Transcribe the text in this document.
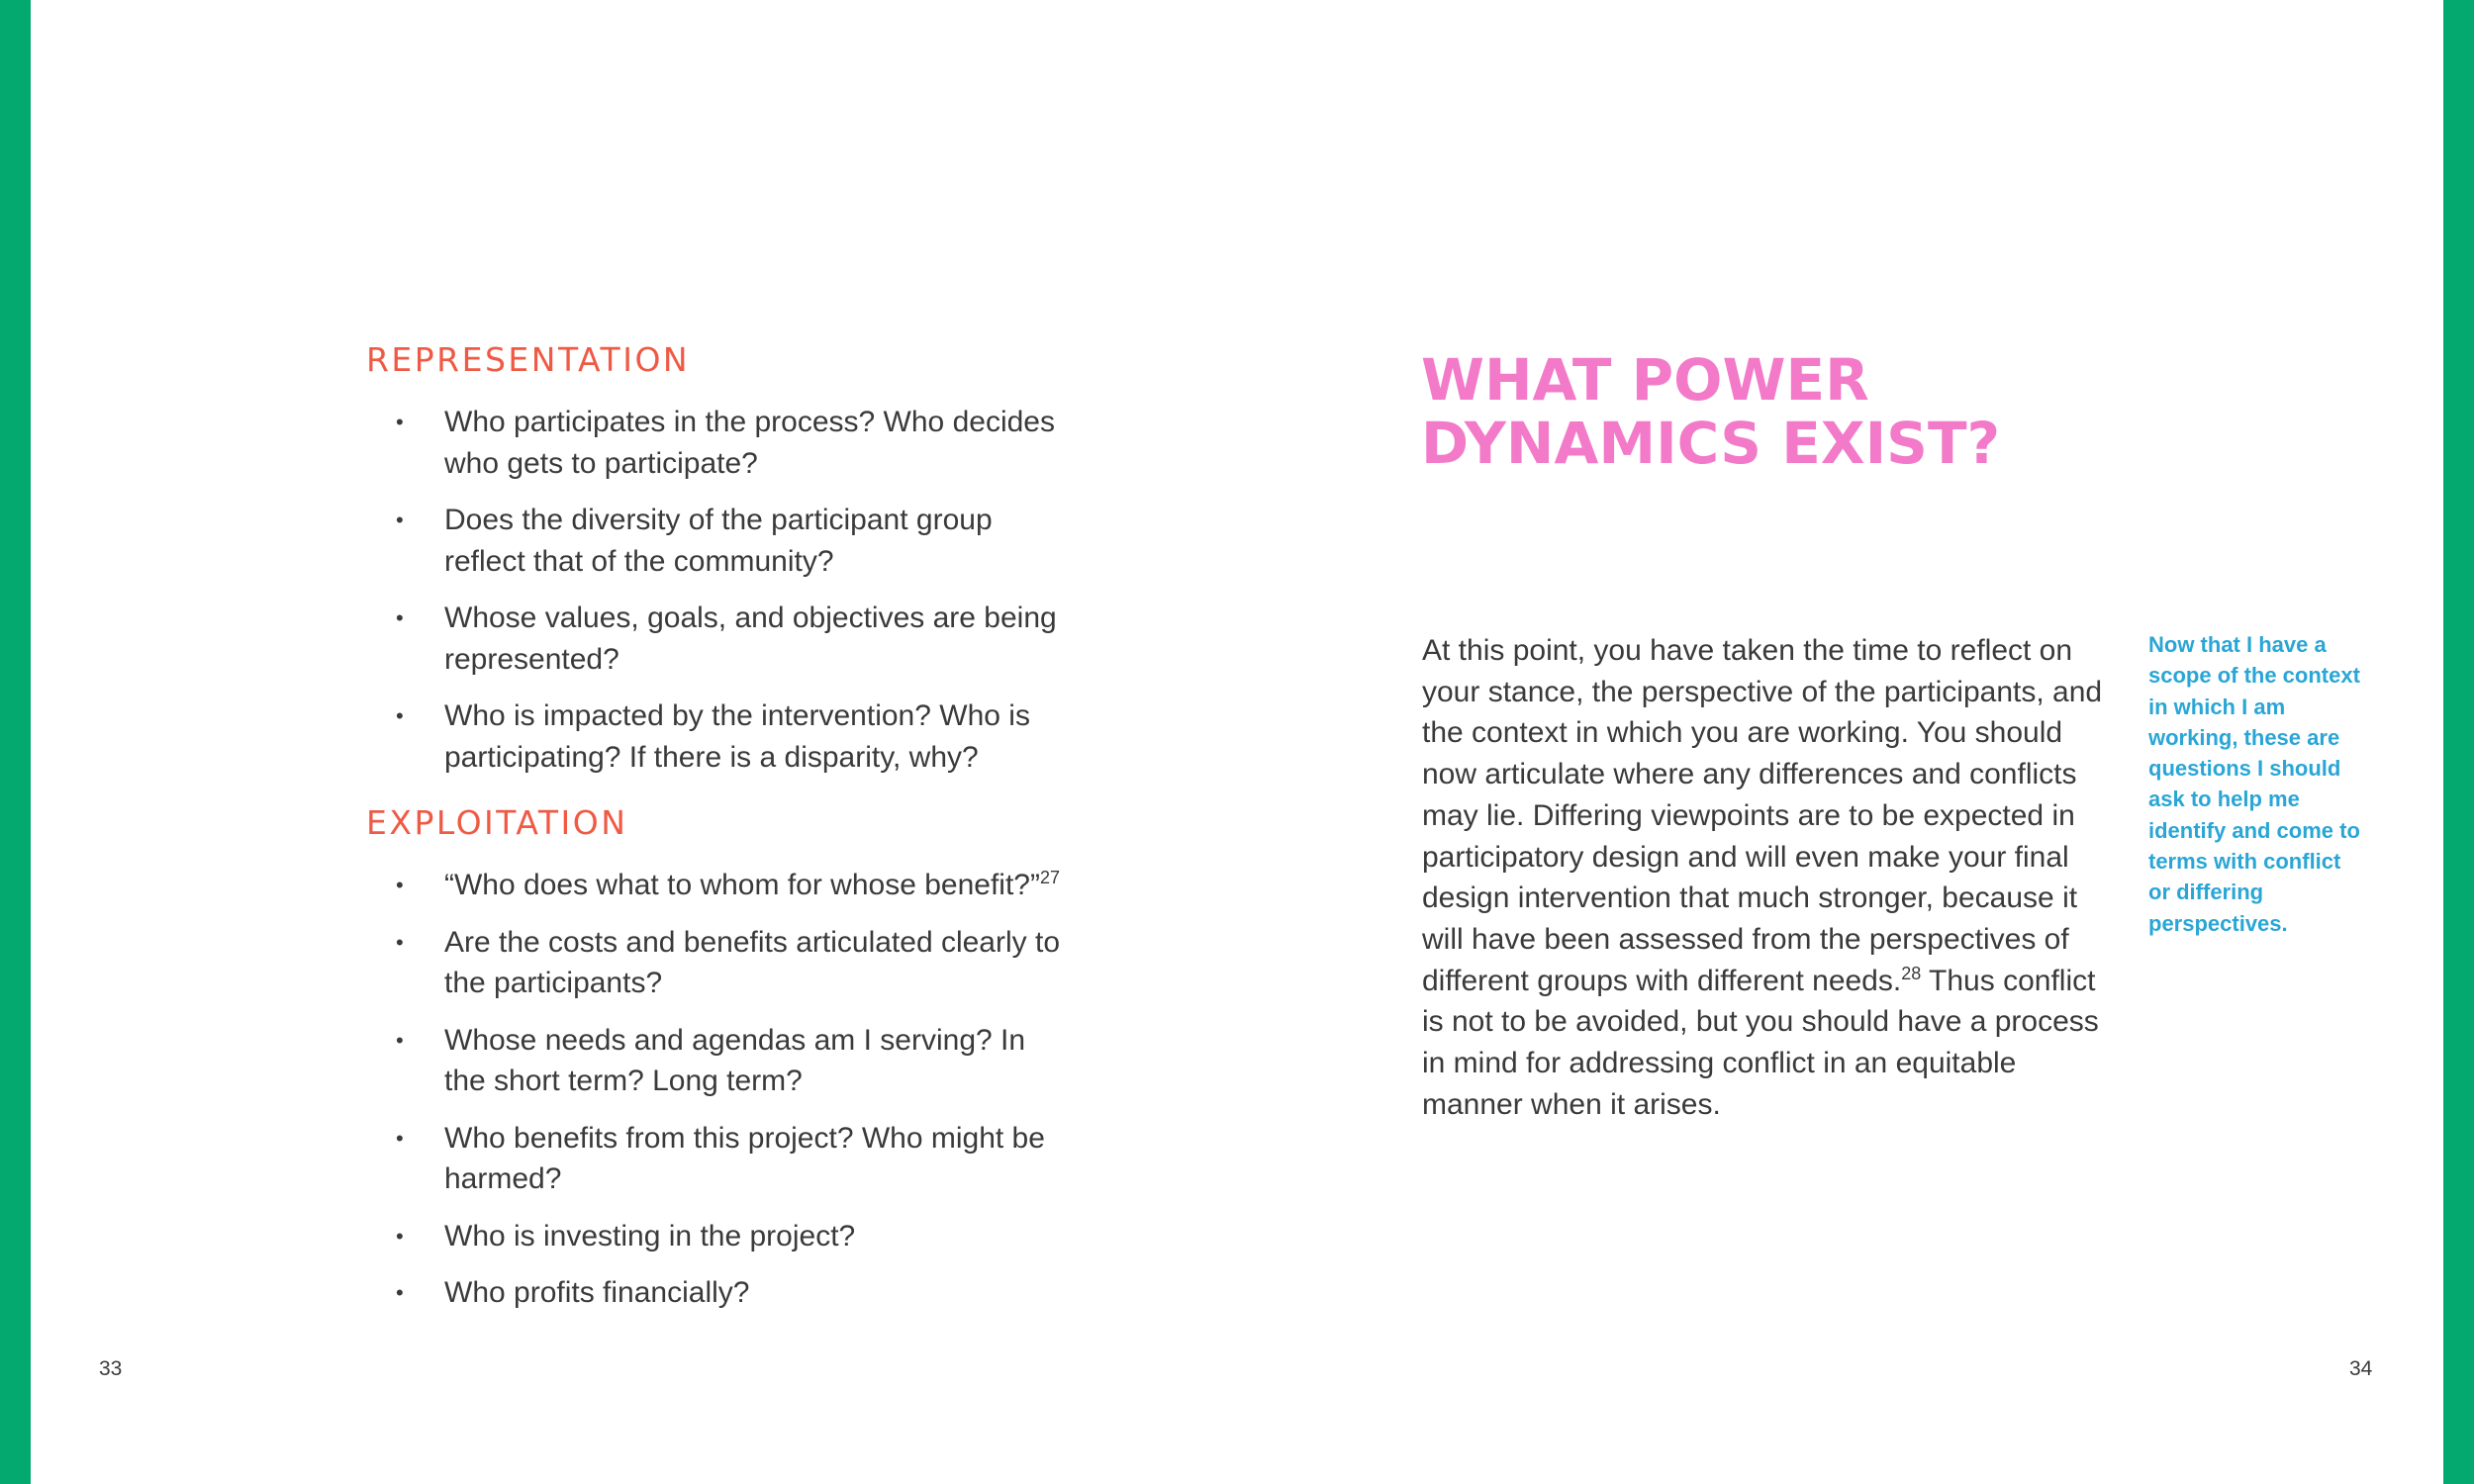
REPRESENTATION
• Who participates in the process? Who decides who gets to participate?
• Does the diversity of the participant group reflect that of the community?
• Whose values, goals, and objectives are being represented?
• Who is impacted by the intervention? Who is participating? If there is a disparity, why?
EXPLOITATION
• “Who does what to whom for whose benefit?”$^{27}$
• Are the costs and benefits articulated clearly to the participants?
• Whose needs and agendas am I serving? In the short term? Long term?
• Who benefits from this project? Who might be harmed?
• Who is investing in the project?
• Who profits financially?
33
WHAT POWER
DYNAMICS EXIST?

At this point, you have taken the time to reflect on your stance, the perspective of the participants, and the context in which you are working. You should now articulate where any differences and conflicts may lie. Differing viewpoints are to be expected in participatory design and will even make your final design intervention that much stronger, because it will have been assessed from the perspectives of different groups with different needs.$^{28}$ Thus conflict is not to be avoided, but you should have a process in mind for addressing conflict in an equitable manner when it arises.

Now that I have a scope of the context in which I am working, these are questions I should ask to help me identify and come to terms with conflict or differing perspectives.

34
